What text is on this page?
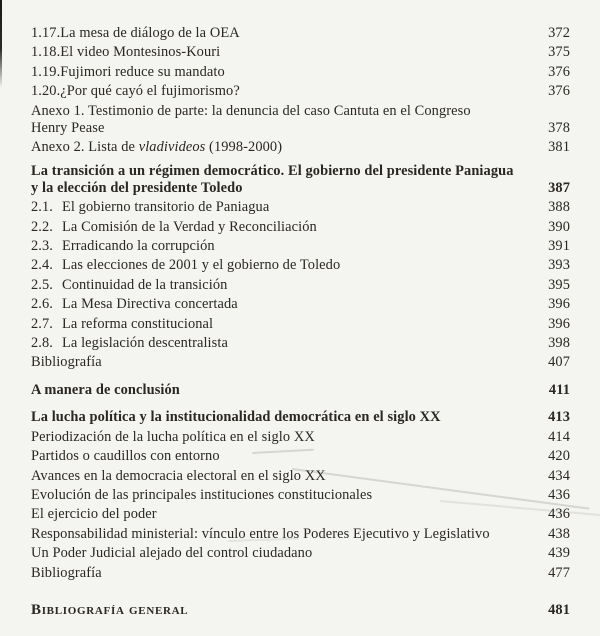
1.17.La mesa de diálogo de la OEA	372
1.18.El video Montesinos-Kouri	375
1.19.Fujimori reduce su mandato	376
1.20.¿Por qué cayó el fujimorismo?	376
Anexo 1. Testimonio de parte: la denuncia del caso Cantuta en el Congreso
Henry Pease	378
Anexo 2. Lista de vladivideos (1998-2000)	381
La transición a un régimen democrático. El gobierno del presidente Paniagua
y la elección del presidente Toledo	387
2.1. El gobierno transitorio de Paniagua	388
2.2. La Comisión de la Verdad y Reconciliación	390
2.3. Erradicando la corrupción	391
2.4. Las elecciones de 2001 y el gobierno de Toledo	393
2.5. Continuidad de la transición	395
2.6. La Mesa Directiva concertada	396
2.7. La reforma constitucional	396
2.8. La legislación descentralista	398
Bibliografía	407
A manera de conclusión	411
La lucha política y la institucionalidad democrática en el siglo XX	413
Periodización de la lucha política en el siglo XX	414
Partidos o caudillos con entorno	420
Avances en la democracia electoral en el siglo XX	434
Evolución de las principales instituciones constitucionales	436
El ejercicio del poder	436
Responsabilidad ministerial: vínculo entre los Poderes Ejecutivo y Legislativo	438
Un Poder Judicial alejado del control ciudadano	439
Bibliografía	477
Bibliografía general	481
